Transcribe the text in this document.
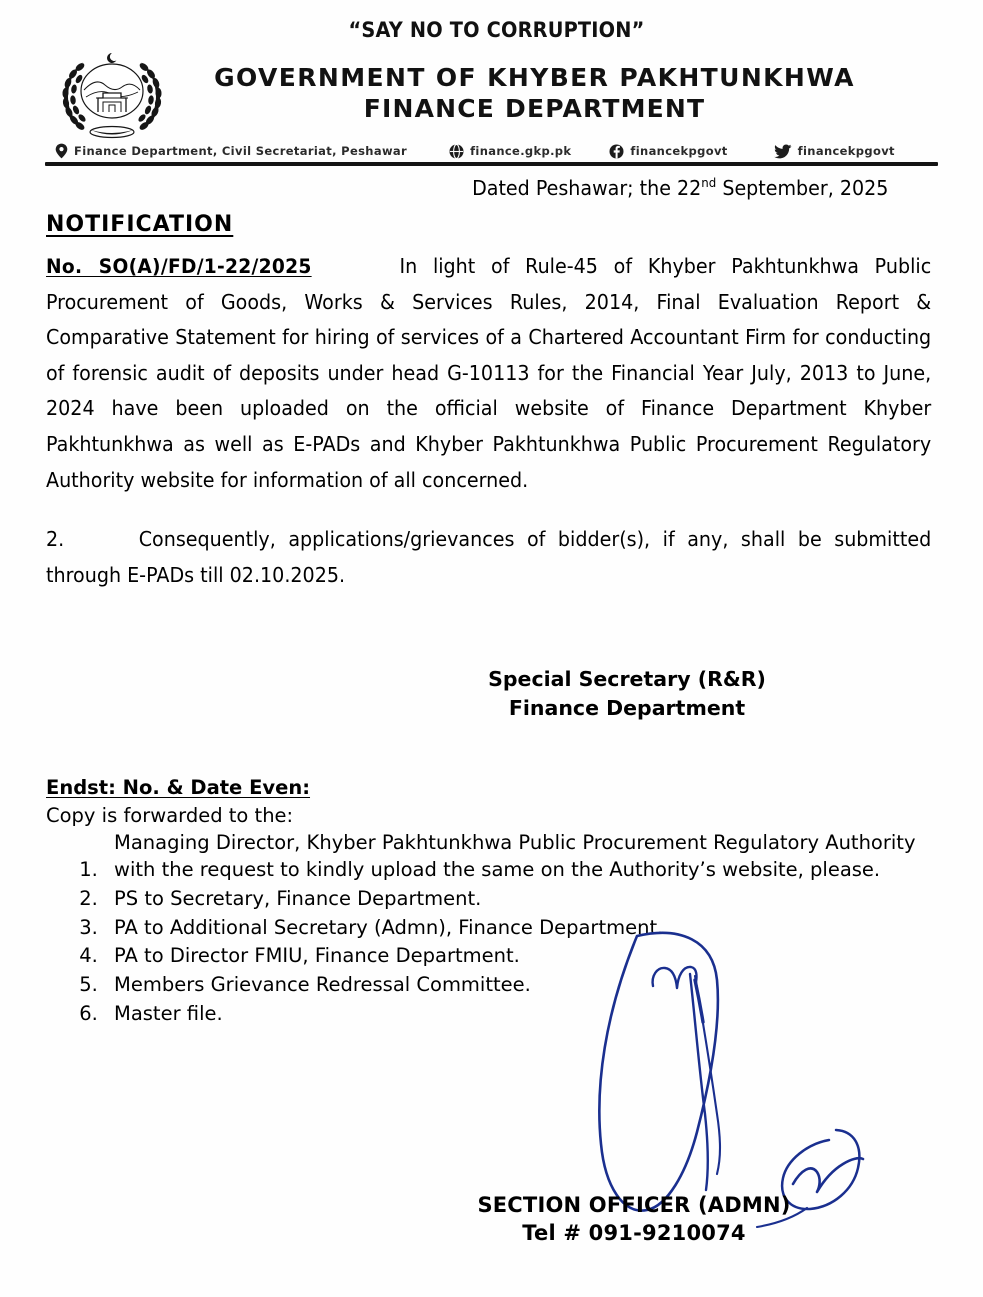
“SAY NO TO CORRUPTION”
GOVERNMENT OF KHYBER PAKHTUNKHWA
FINANCE DEPARTMENT
Finance Department, Civil Secretariat, Peshawar	finance.gkp.pk	financekpgovt	financekpgovt
Dated Peshawar; the 22nd September, 2025
NOTIFICATION
No. SO(A)/FD/1-22/2025	In light of Rule-45 of Khyber Pakhtunkhwa Public Procurement of Goods, Works & Services Rules, 2014, Final Evaluation Report & Comparative Statement for hiring of services of a Chartered Accountant Firm for conducting of forensic audit of deposits under head G-10113 for the Financial Year July, 2013 to June, 2024 have been uploaded on the official website of Finance Department Khyber Pakhtunkhwa as well as E-PADs and Khyber Pakhtunkhwa Public Procurement Regulatory Authority website for information of all concerned.
2.	Consequently, applications/grievances of bidder(s), if any, shall be submitted through E-PADs till 02.10.2025.
Special Secretary (R&R)
Finance Department
Endst: No. & Date Even:
Copy is forwarded to the:
1. Managing Director, Khyber Pakhtunkhwa Public Procurement Regulatory Authority with the request to kindly upload the same on the Authority’s website, please.
2. PS to Secretary, Finance Department.
3. PA to Additional Secretary (Admn), Finance Department.
4. PA to Director FMIU, Finance Department.
5. Members Grievance Redressal Committee.
6. Master file.
SECTION OFFICER (ADMN)
Tel # 091-9210074
